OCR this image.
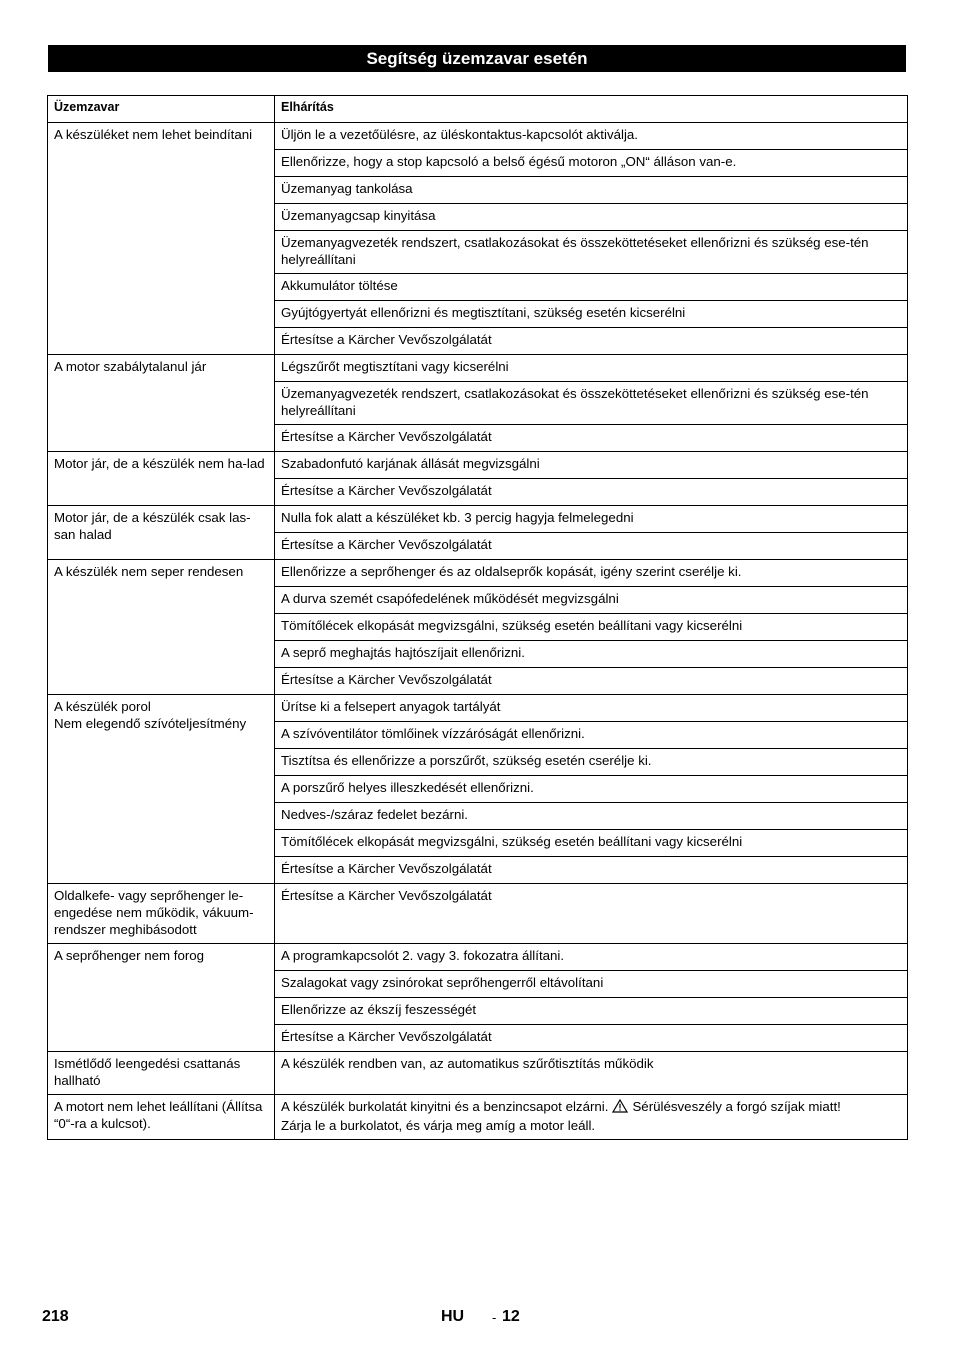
Segítség üzemzavar esetén
Üzemzavar	Elhárítás
A készüléket nem lehet beindítani	Üljön le a vezetőülésre, az üléskontaktus-kapcsolót aktiválja.
	Ellenőrizze, hogy a stop kapcsoló a belső égésű motoron „ON“ álláson van-e.
	Üzemanyag tankolása
	Üzemanyagcsap kinyitása
	Üzemanyagvezeték rendszert, csatlakozásokat és összeköttetéseket ellenőrizni és szükség ese-tén helyreállítani
	Akkumulátor töltése
	Gyújtógyertyát ellenőrizni és megtisztítani, szükség esetén kicserélni
	Értesítse a Kärcher Vevőszolgálatát
A motor szabálytalanul jár	Légszűrőt megtisztítani vagy kicserélni
	Üzemanyagvezeték rendszert, csatlakozásokat és összeköttetéseket ellenőrizni és szükség ese-tén helyreállítani
	Értesítse a Kärcher Vevőszolgálatát
Motor jár, de a készülék nem ha-lad	Szabadonfutó karjának állását megvizsgálni
	Értesítse a Kärcher Vevőszolgálatát
Motor jár, de a készülék csak las-san halad	Nulla fok alatt a készüléket kb. 3 percig hagyja felmelegedni
	Értesítse a Kärcher Vevőszolgálatát
A készülék nem seper rendesen	Ellenőrizze a seprőhenger és az oldalseprők kopását, igény szerint cserélje ki.
	A durva szemét csapófedelének működését megvizsgálni
	Tömítőlécek elkopását megvizsgálni, szükség esetén beállítani vagy kicserélni
	A seprő meghajtás hajtószíjait ellenőrizni.
	Értesítse a Kärcher Vevőszolgálatát
A készülék porol
Nem elegendő szívóteljesítmény	Ürítse ki a felsepert anyagok tartályát
	A szívóventilátor tömlőinek vízzáróságát ellenőrizni.
	Tisztítsa és ellenőrizze a porszűrőt, szükség esetén cserélje ki.
	A porszűrő helyes illeszkedését ellenőrizni.
	Nedves-/száraz fedelet bezárni.
	Tömítőlécek elkopását megvizsgálni, szükség esetén beállítani vagy kicserélni
	Értesítse a Kärcher Vevőszolgálatát
Oldalkefe- vagy seprőhenger le-engedése nem működik, vákuum-rendszer meghibásodott	Értesítse a Kärcher Vevőszolgálatát
A seprőhenger nem forog	A programkapcsolót 2. vagy 3. fokozatra állítani.
	Szalagokat vagy zsinórokat seprőhengerről eltávolítani
	Ellenőrizze az ékszíj feszességét
	Értesítse a Kärcher Vevőszolgálatát
Ismétlődő leengedési csattanás hallható	A készülék rendben van, az automatikus szűrőtisztítás működik
A motort nem lehet leállítani (Állítsa “0“-ra a kulcsot).	A készülék burkolatát kinyitni és a benzincsapot elzárni. Sérülésveszély a forgó szíjak miatt!
Zárja le a burkolatot, és várja meg amíg a motor leáll.
218	HU - 12
